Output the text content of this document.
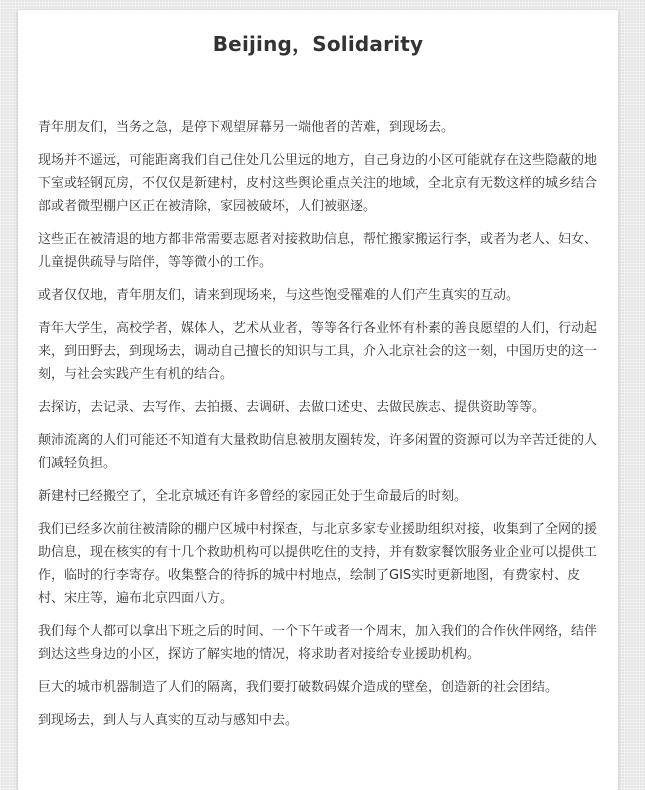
Beijing，Solidarity

青年朋友们，当务之急，是停下观望屏幕另一端他者的苦难，到现场去。

现场并不遥远，可能距离我们自己住处几公里远的地方，自己身边的小区可能就存在这些隐蔽的地下室或轻钢瓦房，不仅仅是新建村，皮村这些舆论重点关注的地域，全北京有无数这样的城乡结合部或者微型棚户区正在被清除，家园被破坏，人们被驱逐。

这些正在被清退的地方都非常需要志愿者对接救助信息，帮忙搬家搬运行李，或者为老人、妇女、儿童提供疏导与陪伴，等等微小的工作。

或者仅仅地，青年朋友们，请来到现场来，与这些饱受罹难的人们产生真实的互动。

青年大学生，高校学者，媒体人，艺术从业者，等等各行各业怀有朴素的善良愿望的人们，行动起来，到田野去，到现场去，调动自己擅长的知识与工具，介入北京社会的这一刻，中国历史的这一刻，与社会实践产生有机的结合。

去探访，去记录、去写作、去拍摄、去调研、去做口述史、去做民族志、提供资助等等。

颠沛流离的人们可能还不知道有大量救助信息被朋友圈转发，许多闲置的资源可以为辛苦迁徙的人们减轻负担。

新建村已经搬空了，全北京城还有许多曾经的家园正处于生命最后的时刻。

我们已经多次前往被清除的棚户区城中村探查，与北京多家专业援助组织对接，收集到了全网的援助信息，现在核实的有十几个救助机构可以提供吃住的支持，并有数家餐饮服务业企业可以提供工作，临时的行李寄存。收集整合的待拆的城中村地点，绘制了GIS实时更新地图，有费家村、皮村、宋庄等，遍布北京四面八方。

我们每个人都可以拿出下班之后的时间、一个下午或者一个周末，加入我们的合作伙伴网络，结伴到达这些身边的小区，探访了解实地的情况，将求助者对接给专业援助机构。

巨大的城市机器制造了人们的隔离，我们要打破数码媒介造成的壁垒，创造新的社会团结。

到现场去，到人与人真实的互动与感知中去。
